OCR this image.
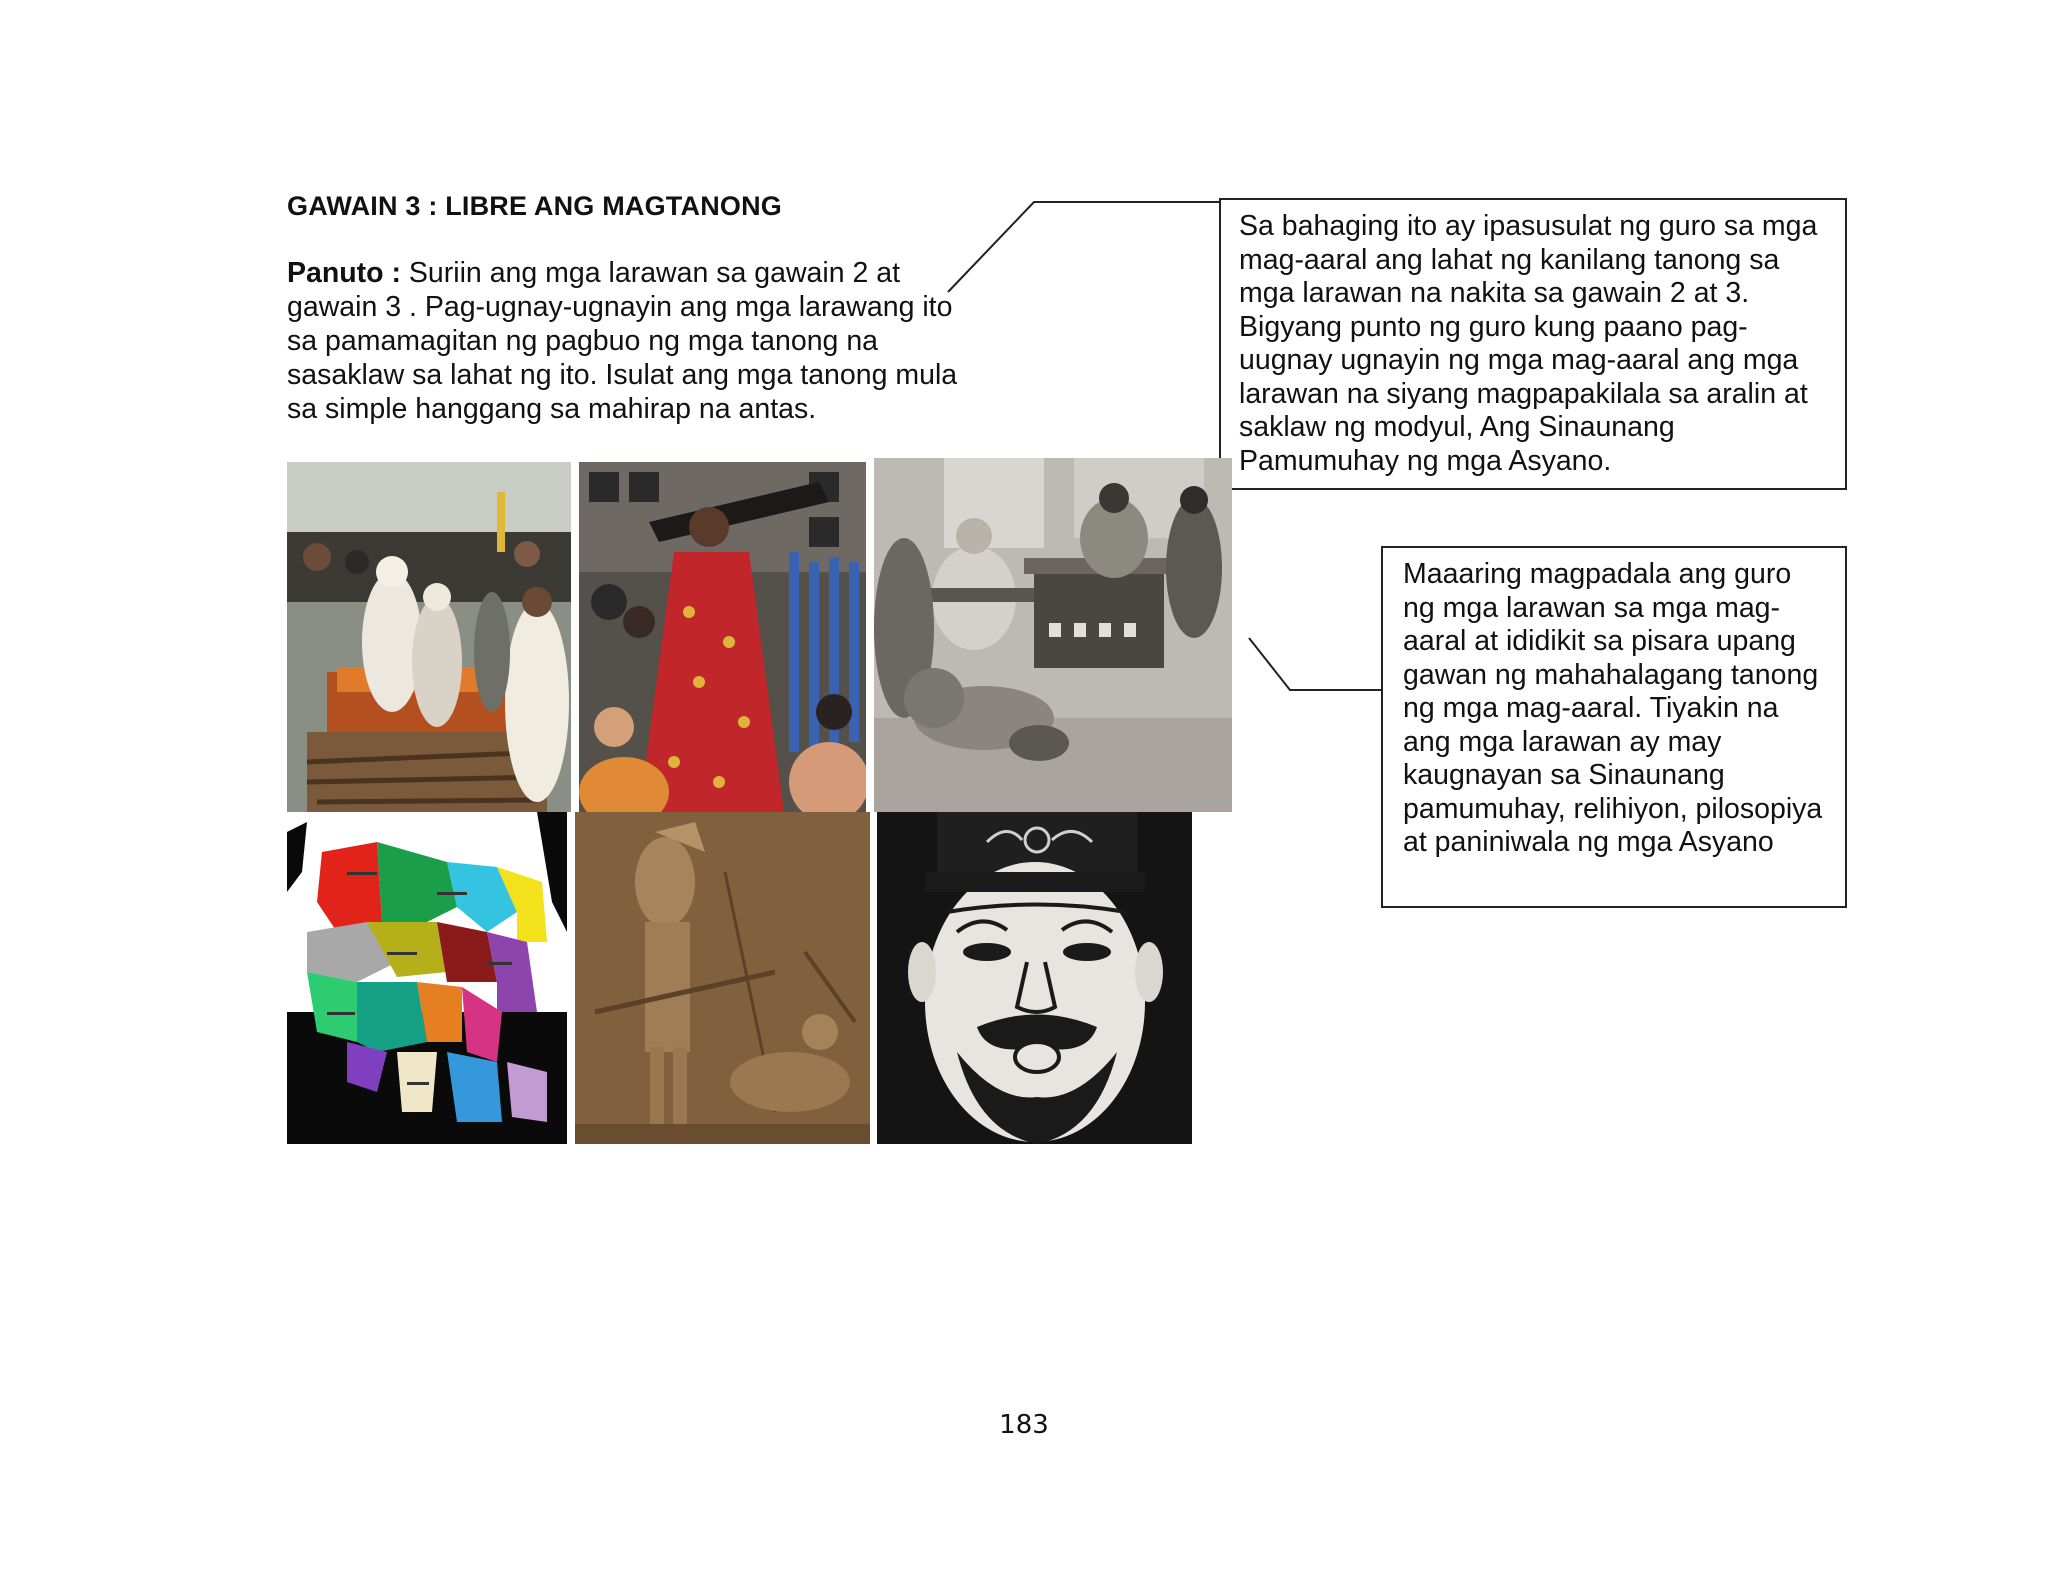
GAWAIN 3 : LIBRE ANG MAGTANONG
Panuto : Suriin ang mga larawan sa gawain 2 at gawain 3 . Pag-ugnay-ugnayin ang mga larawang ito sa pamamagitan ng pagbuo ng mga tanong na sasaklaw sa lahat ng ito. Isulat ang mga tanong mula sa simple hanggang sa mahirap na antas.
Sa bahaging ito ay ipasusulat ng guro sa mga mag-aaral ang lahat ng kanilang tanong sa mga larawan na nakita sa gawain 2 at 3. Bigyang punto ng guro kung paano pag-uugnay ugnayin ng mga mag-aaral ang mga larawan na siyang magpapakilala sa aralin at saklaw ng modyul, Ang Sinaunang Pamumuhay ng mga Asyano.
Maaaring magpadala ang guro ng mga larawan sa mga mag-aaral at ididikit sa pisara upang gawan ng mahahalagang tanong ng mga mag-aaral. Tiyakin na ang mga larawan ay may kaugnayan sa Sinaunang pamumuhay, relihiyon, pilosopiya at paniniwala ng mga Asyano
183
